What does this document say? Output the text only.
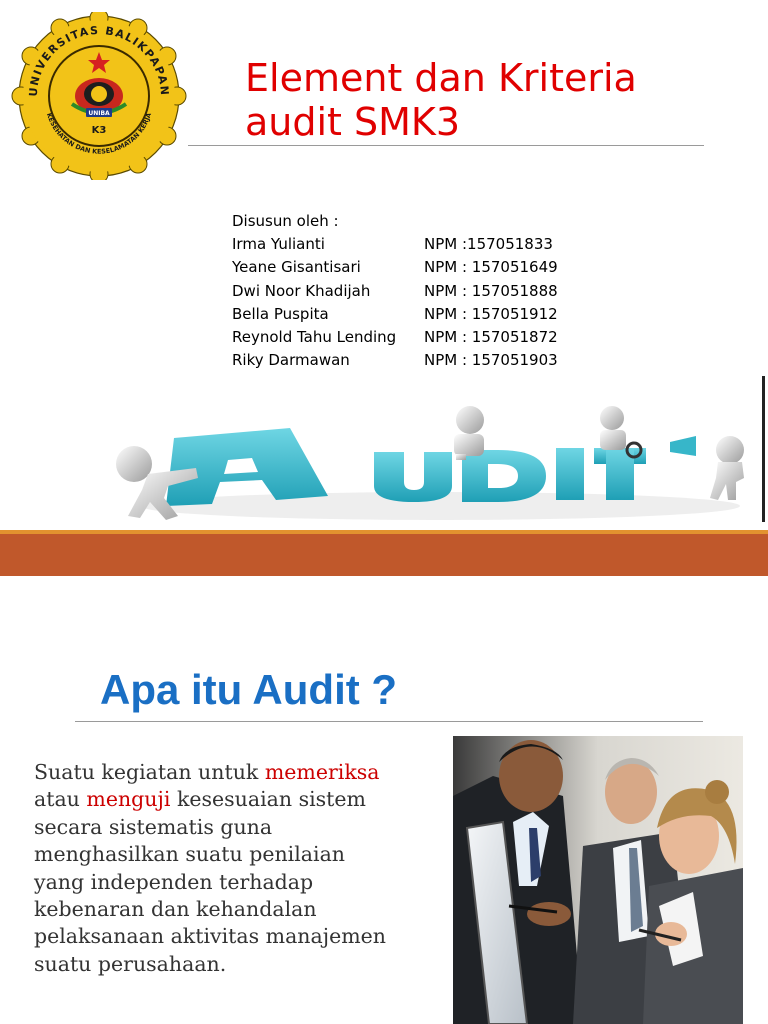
UNIVERSITAS BALIKPAPAN
KESEHATAN DAN KESELAMATAN KERJA
UNIBA
K3
Element dan Kriteria
audit SMK3
Disusun oleh :
Irma Yulianti	NPM :157051833
Yeane Gisantisari	NPM : 157051649
Dwi Noor Khadijah	NPM : 157051888
Bella Puspita	NPM : 157051912
Reynold Tahu Lending NPM : 157051872
Riky Darmawan	NPM : 157051903
Apa itu Audit ?
Suatu kegiatan untuk memeriksa
atau menguji kesesuaian sistem
secara sistematis guna
menghasilkan suatu penilaian
yang independen terhadap
kebenaran dan kehandalan
pelaksanaan aktivitas manajemen
suatu perusahaan.
